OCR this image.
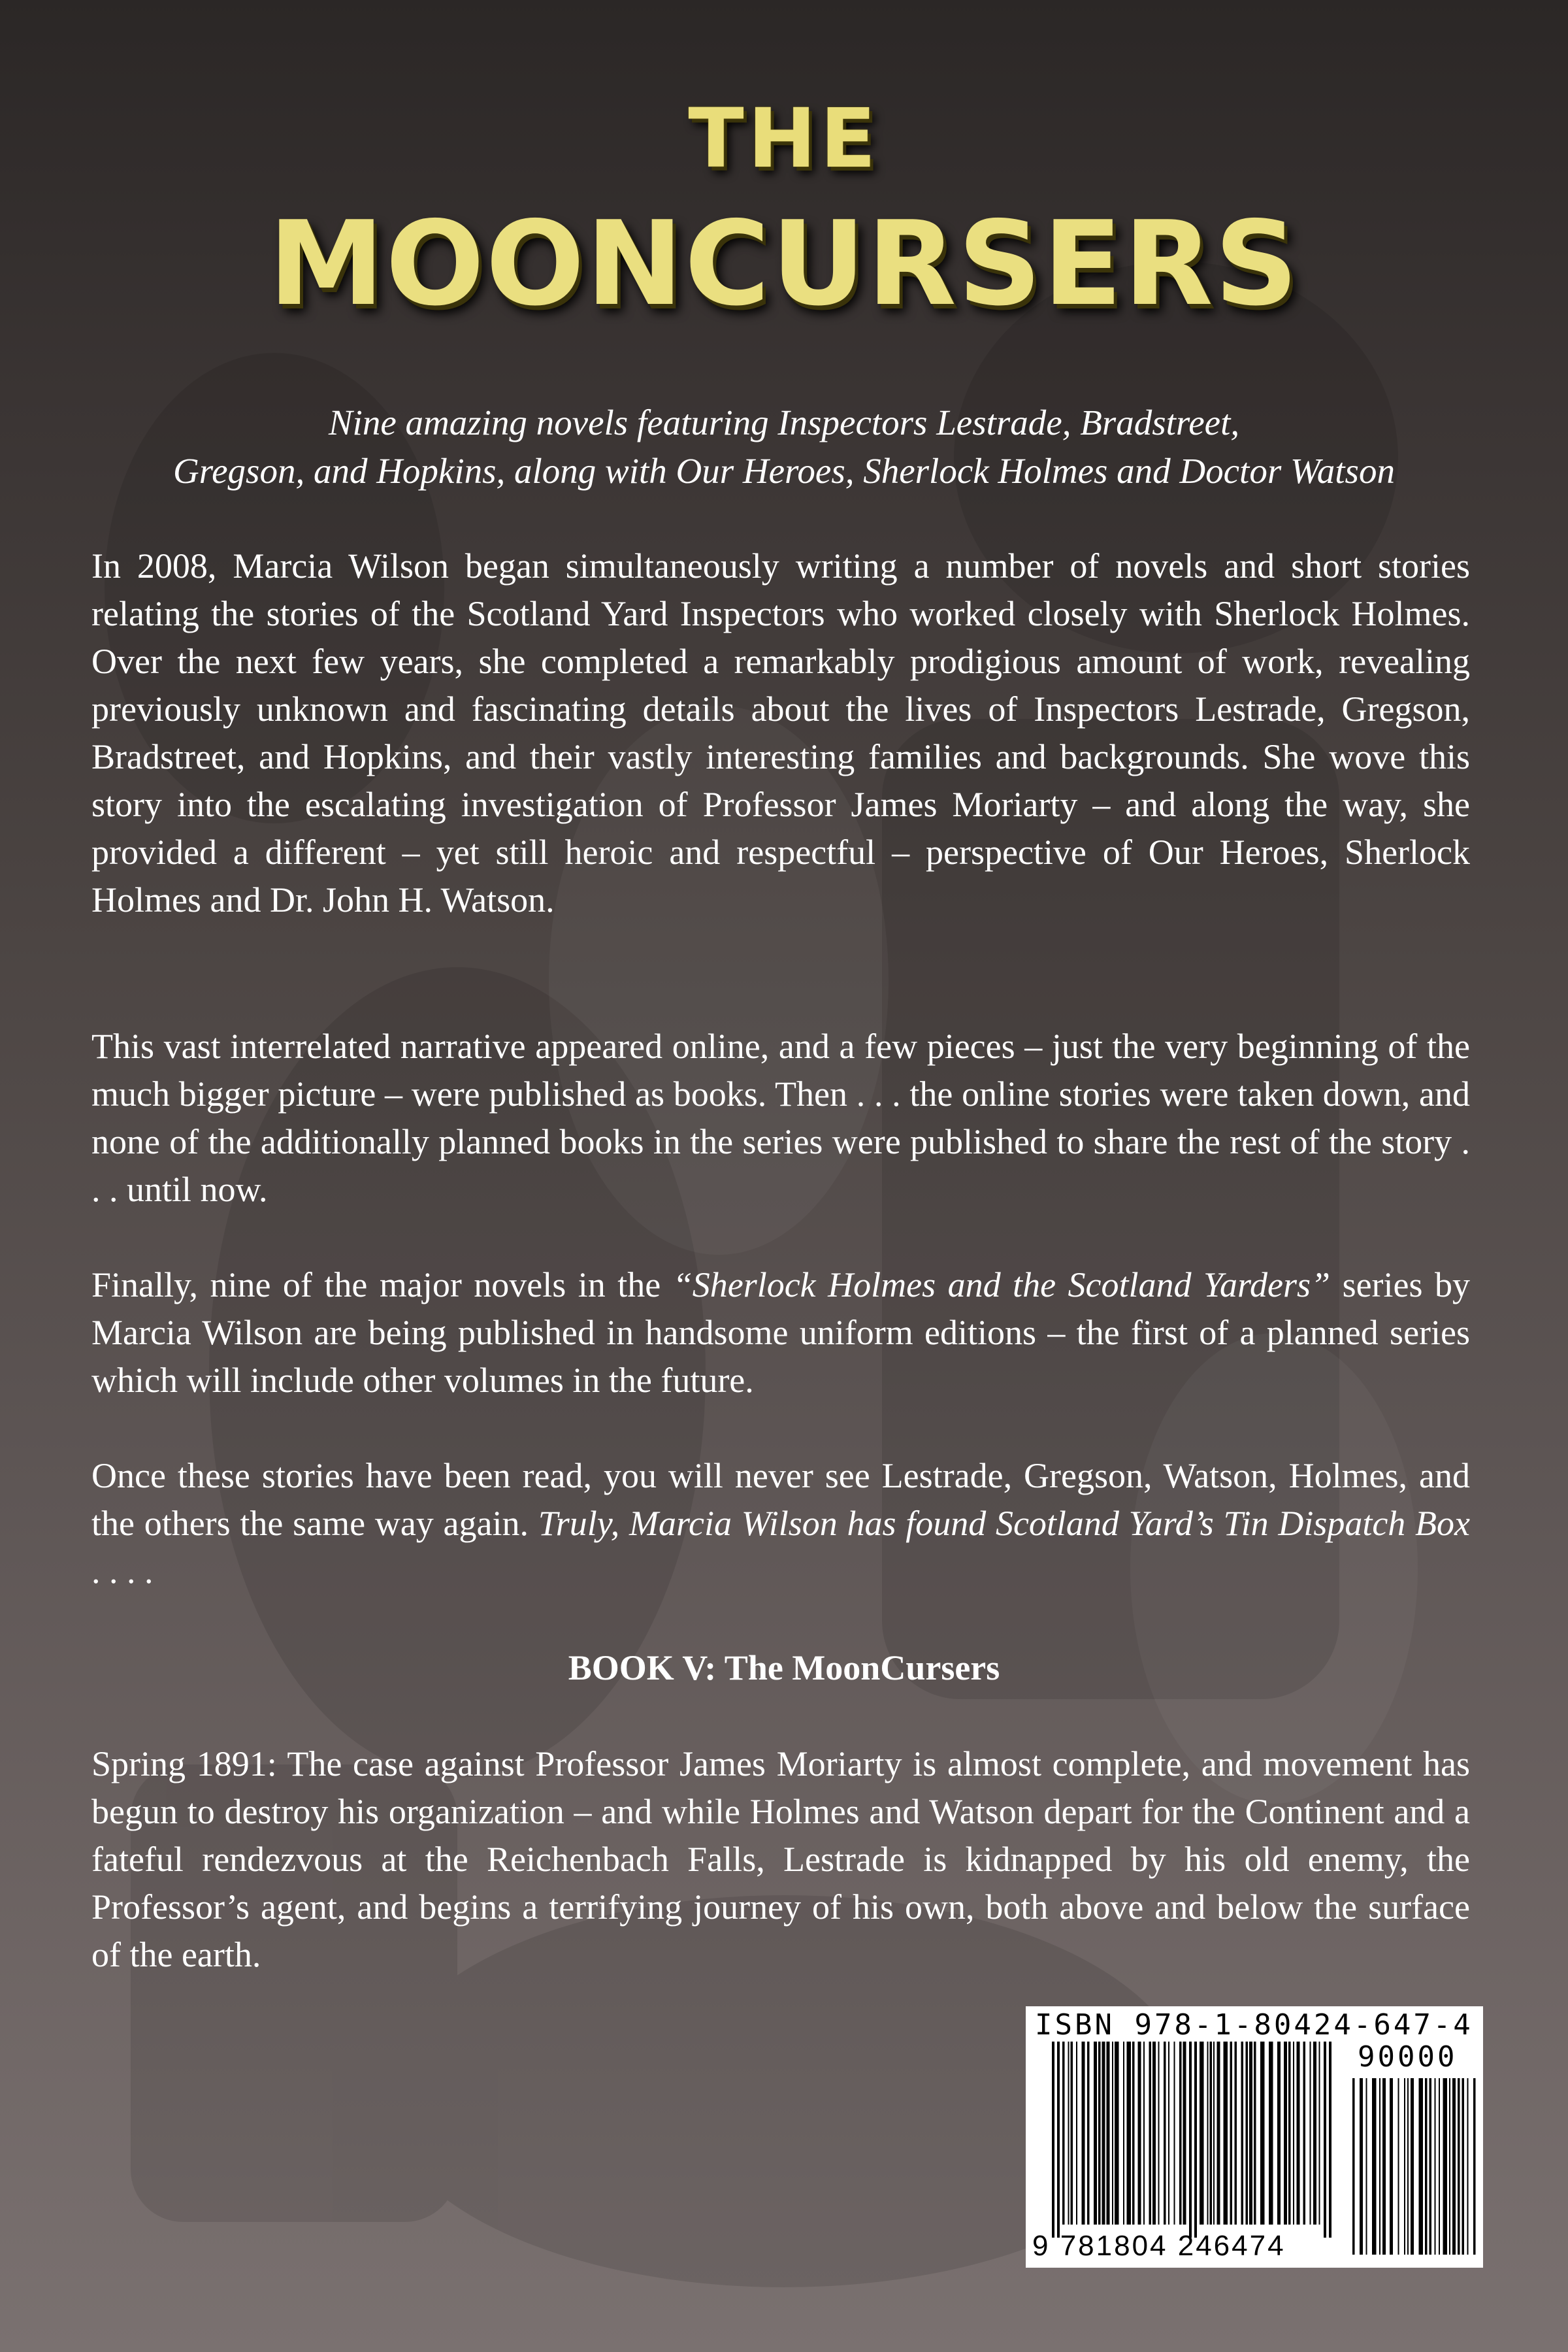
THE
MOONCURSERS
Nine amazing novels featuring Inspectors Lestrade, Bradstreet,
Gregson, and Hopkins, along with Our Heroes, Sherlock Holmes and Doctor Watson
In 2008, Marcia Wilson began simultaneously writing a number of novels and short stories relating the stories of the Scotland Yard Inspectors who worked closely with Sherlock Holmes. Over the next few years, she completed a remarkably prodigious amount of work, revealing previously unknown and fascinating details about the lives of Inspectors Lestrade, Gregson, Bradstreet, and Hopkins, and their vastly interesting families and backgrounds. She wove this story into the escalating investigation of Professor James Moriarty – and along the way, she provided a different – yet still heroic and respectful – perspective of Our Heroes, Sherlock Holmes and Dr. John H. Watson.
This vast interrelated narrative appeared online, and a few pieces – just the very beginning of the much bigger picture – were published as books. Then . . . the online stories were taken down, and none of the additionally planned books in the series were published to share the rest of the story . . . until now.
Finally, nine of the major novels in the “Sherlock Holmes and the Scotland Yarders” series by Marcia Wilson are being published in handsome uniform editions – the first of a planned series which will include other volumes in the future.
Once these stories have been read, you will never see Lestrade, Gregson, Watson, Holmes, and the others the same way again. Truly, Marcia Wilson has found Scotland Yard’s Tin Dispatch Box . . . .
BOOK V: The MoonCursers
Spring 1891: The case against Professor James Moriarty is almost complete, and movement has begun to destroy his organization – and while Holmes and Watson depart for the Continent and a fateful rendezvous at the Reichenbach Falls, Lestrade is kidnapped by his old enemy, the Professor’s agent, and begins a terrifying journey of his own, both above and below the surface of the earth.
ISBN 978-1-80424-647-4
90000
9 781804 246474
